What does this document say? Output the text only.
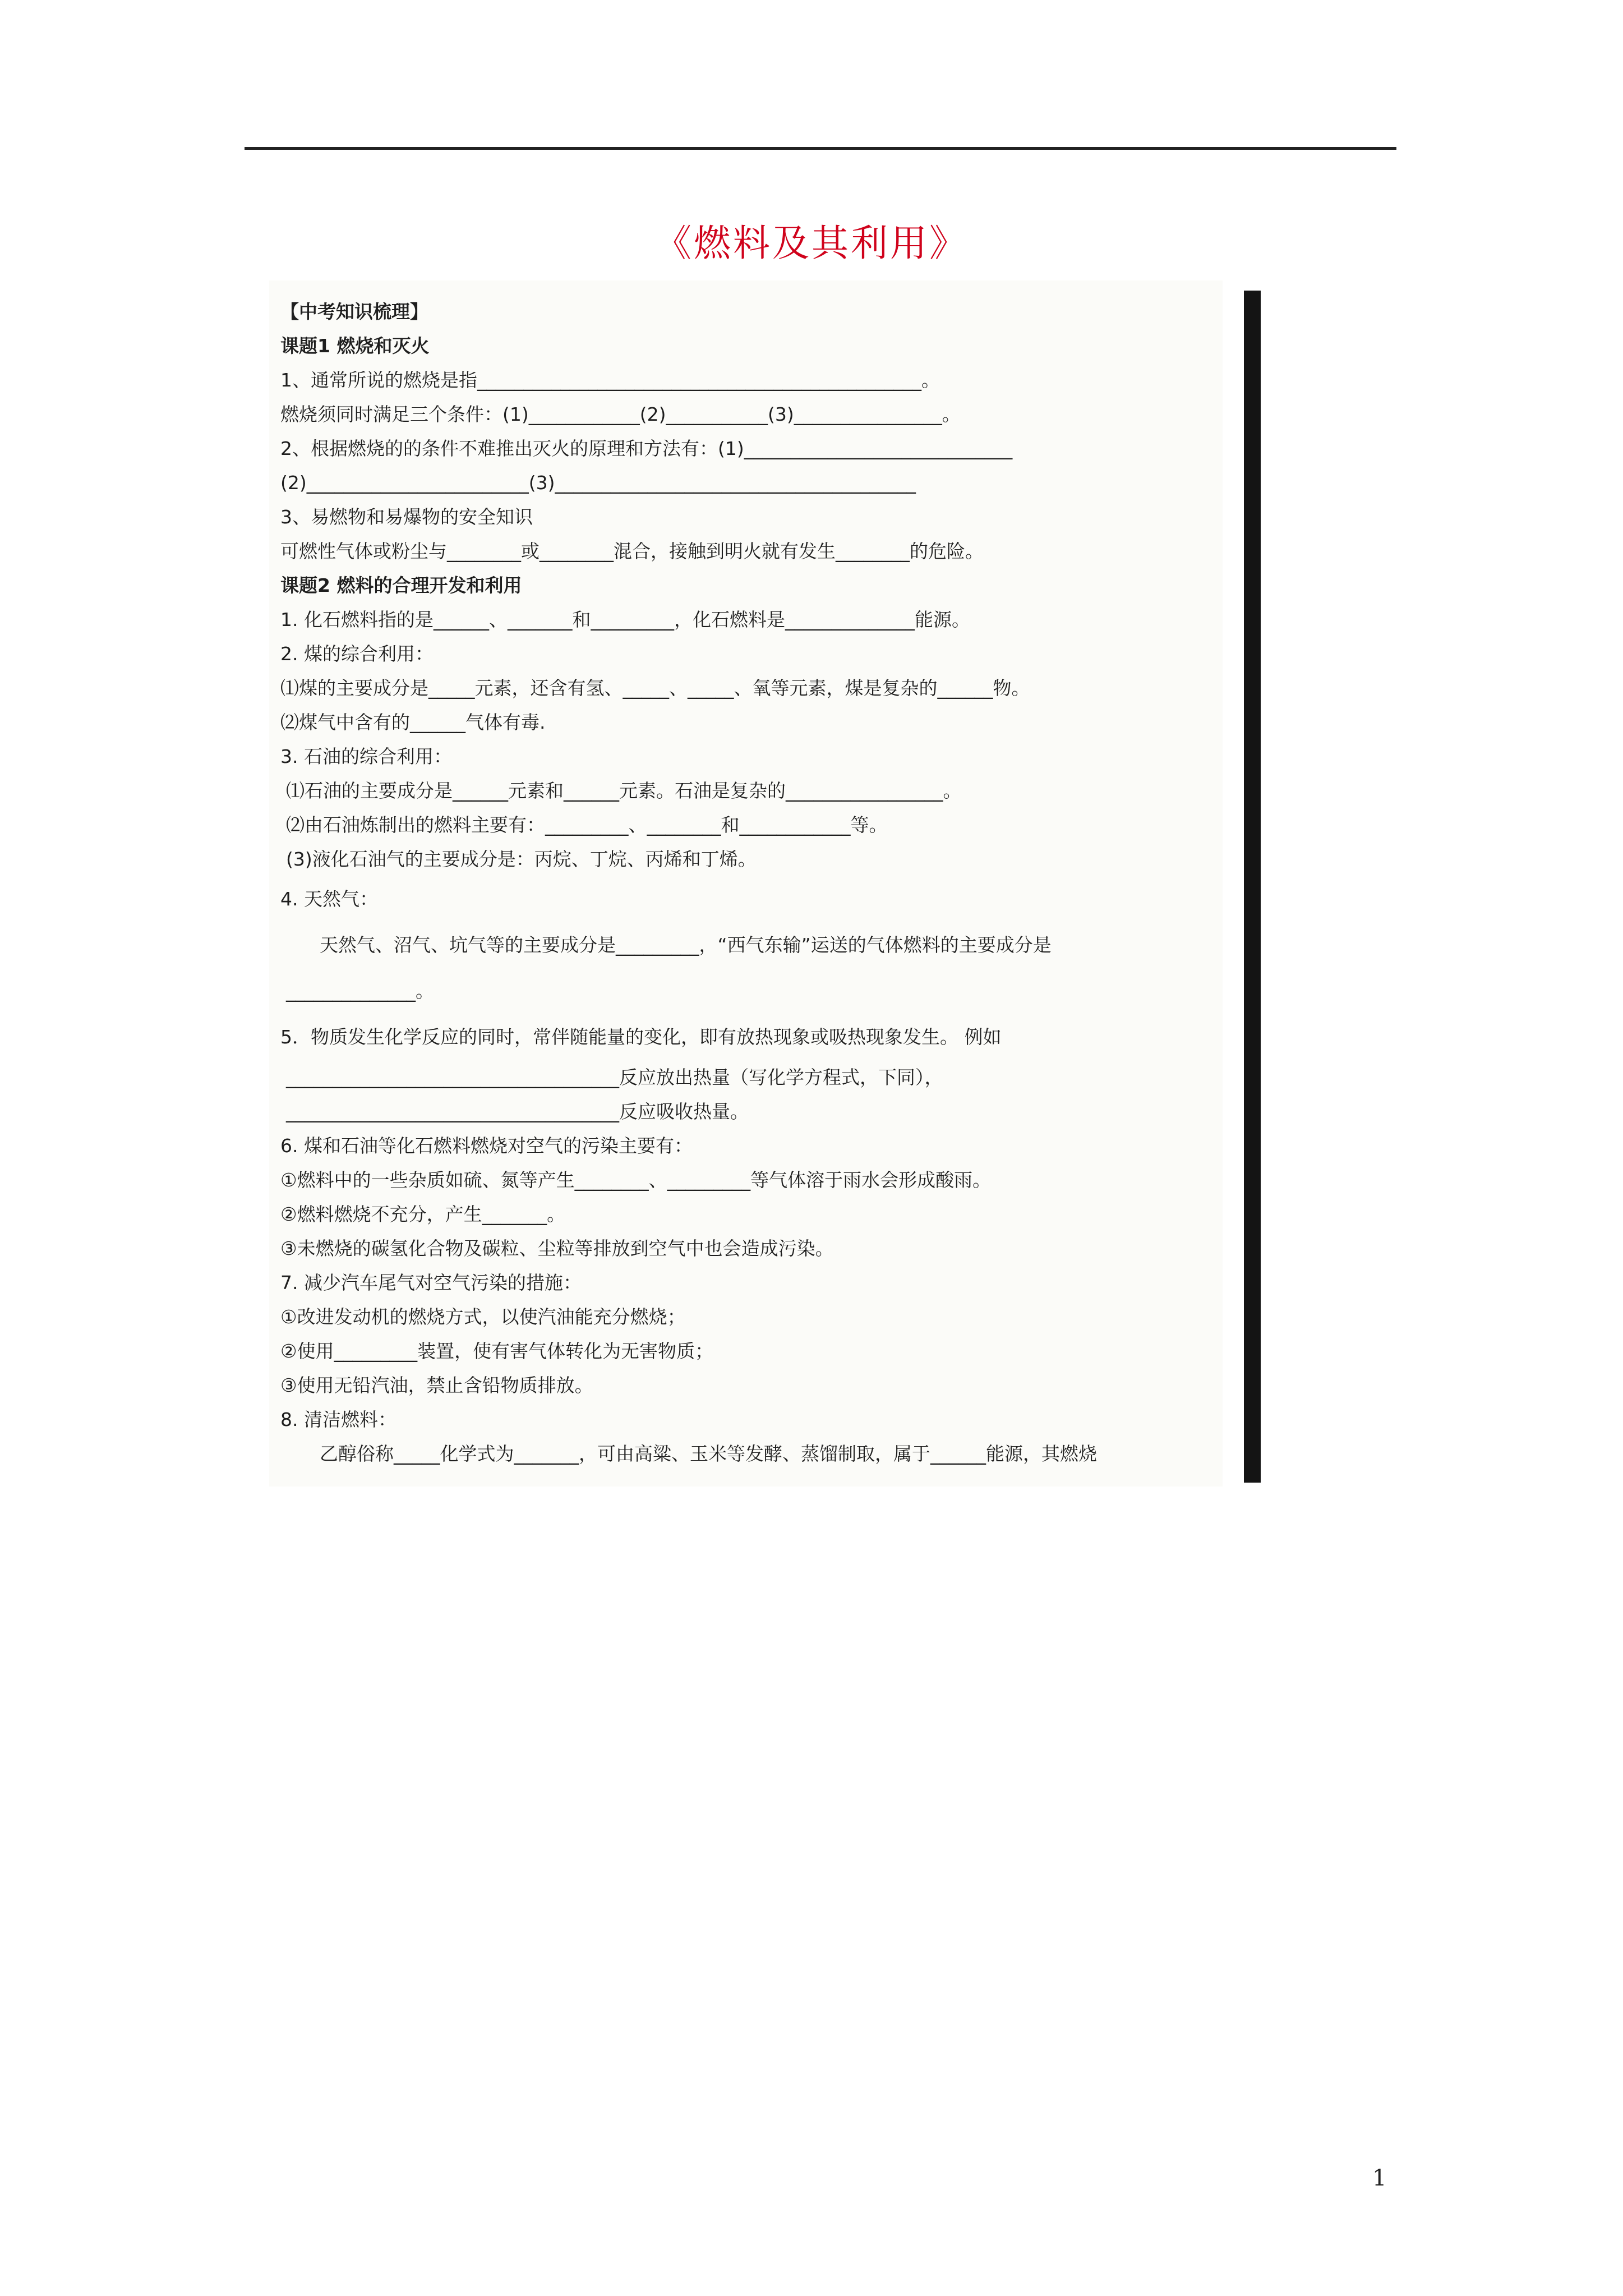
《燃料及其利用》
【中考知识梳理】
课题1 燃烧和灭火
1、通常所说的燃烧是指________________________________________________。
燃烧须同时满足三个条件：(1)____________(2)___________(3)________________。
2、根据燃烧的的条件不难推出灭火的原理和方法有：(1)_____________________________
(2)________________________(3)_______________________________________
3、易燃物和易爆物的安全知识
可燃性气体或粉尘与________或________混合，接触到明火就有发生________的危险。
课题2 燃料的合理开发和利用
1. 化石燃料指的是______、_______和_________，化石燃料是______________能源。
2. 煤的综合利用：
⑴煤的主要成分是_____元素，还含有氢、_____、_____、氧等元素，煤是复杂的______物。
⑵煤气中含有的______气体有毒.
3. 石油的综合利用：
⑴石油的主要成分是______元素和______元素。石油是复杂的_________________。
⑵由石油炼制出的燃料主要有：_________、________和____________等。
(3)液化石油气的主要成分是：丙烷、丁烷、丙烯和丁烯。
4. 天然气：
天然气、沼气、坑气等的主要成分是_________，“西气东输”运送的气体燃料的主要成分是
______________。
5．物质发生化学反应的同时，常伴随能量的变化，即有放热现象或吸热现象发生。 例如
____________________________________反应放出热量（写化学方程式，下同），
____________________________________反应吸收热量。
6. 煤和石油等化石燃料燃烧对空气的污染主要有：
①燃料中的一些杂质如硫、氮等产生________、_________等气体溶于雨水会形成酸雨。
②燃料燃烧不充分，产生_______。
③未燃烧的碳氢化合物及碳粒、尘粒等排放到空气中也会造成污染。
7. 减少汽车尾气对空气污染的措施：
①改进发动机的燃烧方式，以使汽油能充分燃烧；
②使用_________装置，使有害气体转化为无害物质；
③使用无铅汽油，禁止含铅物质排放。
8. 清洁燃料：
乙醇俗称_____化学式为_______，可由高粱、玉米等发酵、蒸馏制取，属于______能源，其燃烧
1
